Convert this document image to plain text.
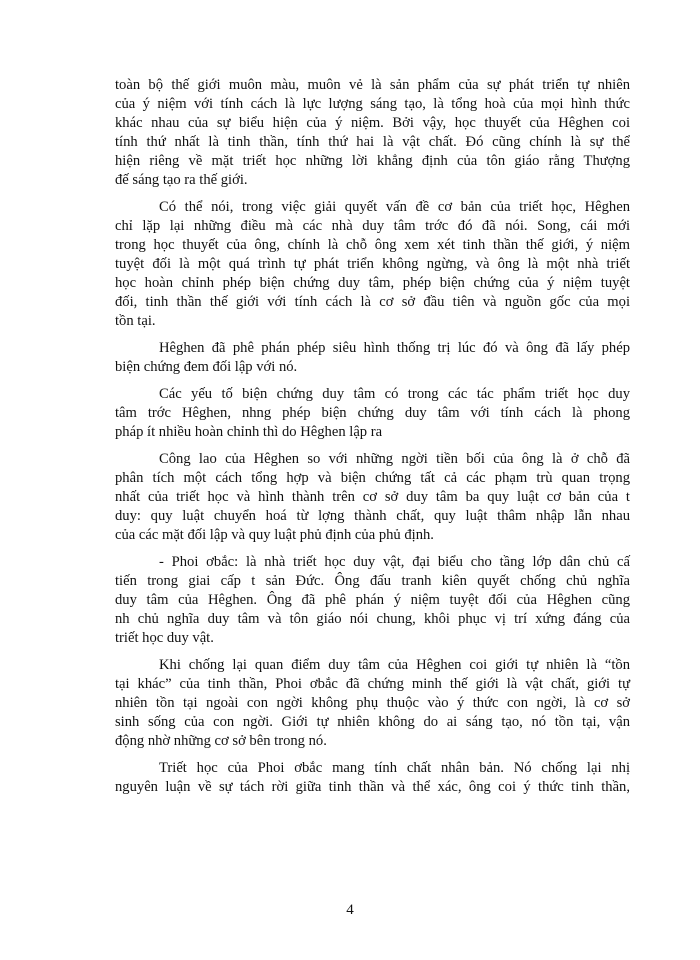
toàn bộ thế giới muôn màu, muôn vẻ là sản phẩm của sự phát triển tự nhiên
của ý niệm với tính cách là lực lượng sáng tạo, là tổng hoà của mọi hình thức
khác nhau của sự biểu hiện của ý niệm. Bởi vậy, học thuyết của Hêghen coi
tính thứ nhất là tinh thần, tính thứ hai là vật chất. Đó cũng chính là sự thể
hiện riêng về mặt triết học những lời khẳng định của tôn giáo rằng Thượng
đế sáng tạo ra thế giới.
Có thể nói, trong việc giải quyết vấn đề cơ bản của triết học, Hêghen
chỉ lặp lại những điều mà các nhà duy tâm trớc đó đã nói. Song, cái mới
trong học thuyết của ông, chính là chỗ ông xem xét tinh thần thế giới, ý niệm
tuyệt đối là một quá trình tự phát triển không ngừng, và ông là một nhà triết
học hoàn chỉnh phép biện chứng duy tâm, phép biện chứng của ý niệm tuyệt
đối, tinh thần thế giới với tính cách là cơ sở đầu tiên và nguồn gốc của mọi
tồn tại.
Hêghen đã phê phán phép siêu hình thống trị lúc đó và ông đã lấy phép
biện chứng đem đối lập với nó.
Các yếu tố biện chứng duy tâm có trong các tác phẩm triết học duy
tâm trớc Hêghen, nhng phép biện chứng duy tâm với tính cách là phong
pháp ít nhiều hoàn chỉnh thì do Hêghen lập ra
Công lao của Hêghen so với những ngời tiền bối của ông là ở chỗ đã
phân tích một cách tổng hợp và biện chứng tất cả các phạm trù quan trọng
nhất của triết học và hình thành trên cơ sở duy tâm ba quy luật cơ bản của t
duy: quy luật chuyển hoá từ lợng thành chất, quy luật thâm nhập lẫn nhau
của các mặt đối lập và quy luật phủ định của phủ định.
- Phoi ơbắc: là nhà triết học duy vật, đại biểu cho tầng lớp dân chủ cấ
tiến trong giai cấp t sản Đức. Ông đấu tranh kiên quyết chống chủ nghĩa
duy tâm của Hêghen. Ông đã phê phán ý niệm tuyệt đối của Hêghen cũng
nh chủ nghĩa duy tâm và tôn giáo nói chung, khôi phục vị trí xứng đáng của
triết học duy vật.
Khi chống lại quan điểm duy tâm của Hêghen coi giới tự nhiên là “tồn
tại khác” của tinh thần, Phoi ơbắc đã chứng minh thế giới là vật chất, giới tự
nhiên tồn tại ngoài con ngời không phụ thuộc vào ý thức con ngời, là cơ sở
sinh sống của con ngời. Giới tự nhiên không do ai sáng tạo, nó tồn tại, vận
động nhờ những cơ sở bên trong nó.
Triết học của Phoi ơbắc mang tính chất nhân bản. Nó chống lại nhị
nguyên luận về sự tách rời giữa tinh thần và thể xác, ông coi ý thức tinh thần,
4
